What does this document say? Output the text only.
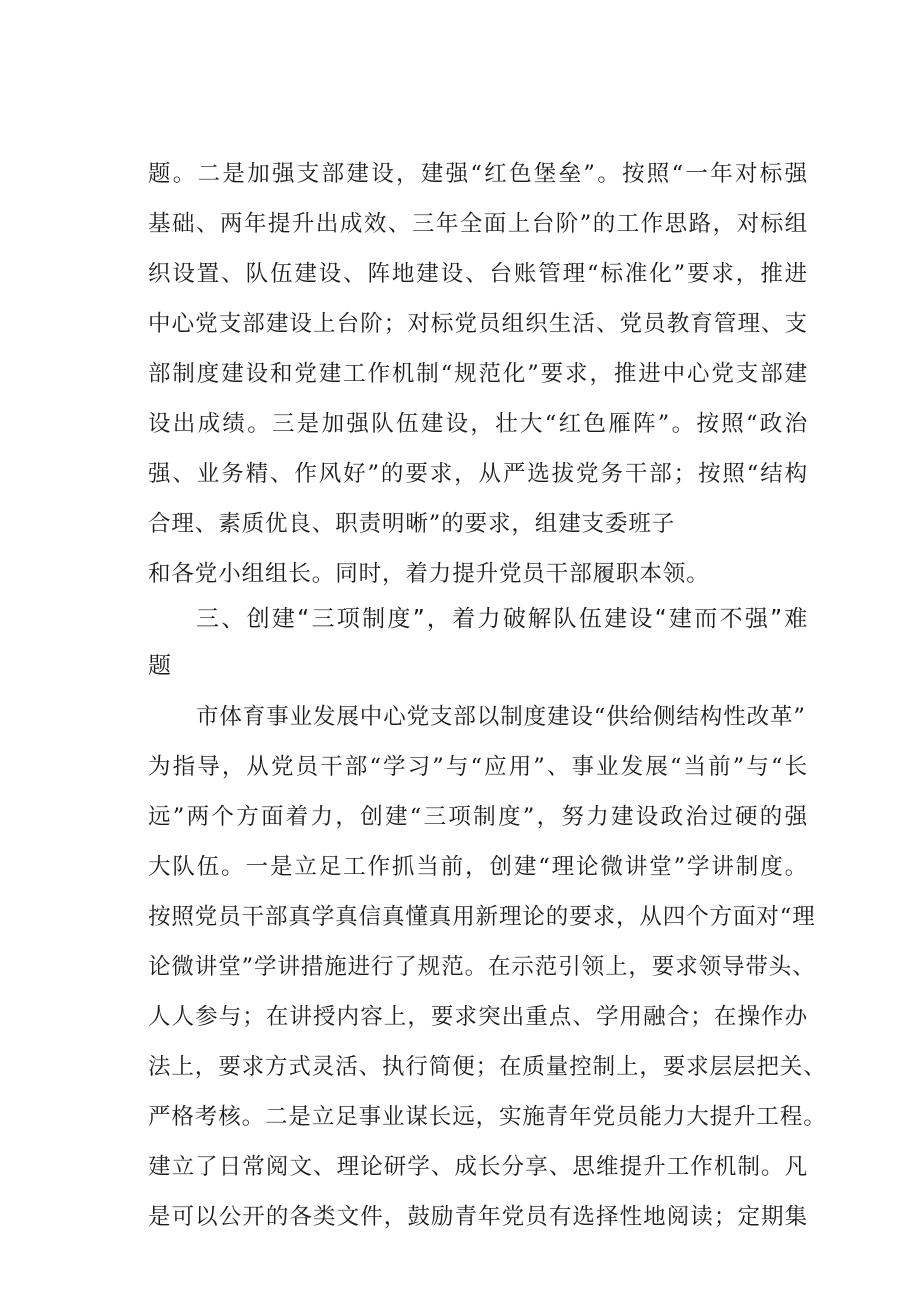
题。二是加强支部建设，建强“红色堡垒”。按照“一年对标强
基础、两年提升出成效、三年全面上台阶”的工作思路，对标组
织设置、队伍建设、阵地建设、台账管理“标准化”要求，推进
中心党支部建设上台阶；对标党员组织生活、党员教育管理、支
部制度建设和党建工作机制“规范化”要求，推进中心党支部建
设出成绩。三是加强队伍建设，壮大“红色雁阵”。按照“政治
强、业务精、作风好”的要求，从严选拔党务干部；按照“结构
合理、素质优良、职责明晰”的要求，组建支委班子
和各党小组组长。同时，着力提升党员干部履职本领。
三、创建“三项制度”，着力破解队伍建设“建而不强”难
题
市体育事业发展中心党支部以制度建设“供给侧结构性改革”
为指导，从党员干部“学习”与“应用”、事业发展“当前”与“长
远”两个方面着力，创建“三项制度”，努力建设政治过硬的强
大队伍。一是立足工作抓当前，创建“理论微讲堂”学讲制度。
按照党员干部真学真信真懂真用新理论的要求，从四个方面对“理
论微讲堂”学讲措施进行了规范。在示范引领上，要求领导带头、
人人参与；在讲授内容上，要求突出重点、学用融合；在操作办
法上，要求方式灵活、执行简便；在质量控制上，要求层层把关、
严格考核。二是立足事业谋长远，实施青年党员能力大提升工程。
建立了日常阅文、理论研学、成长分享、思维提升工作机制。凡
是可以公开的各类文件，鼓励青年党员有选择性地阅读；定期集
